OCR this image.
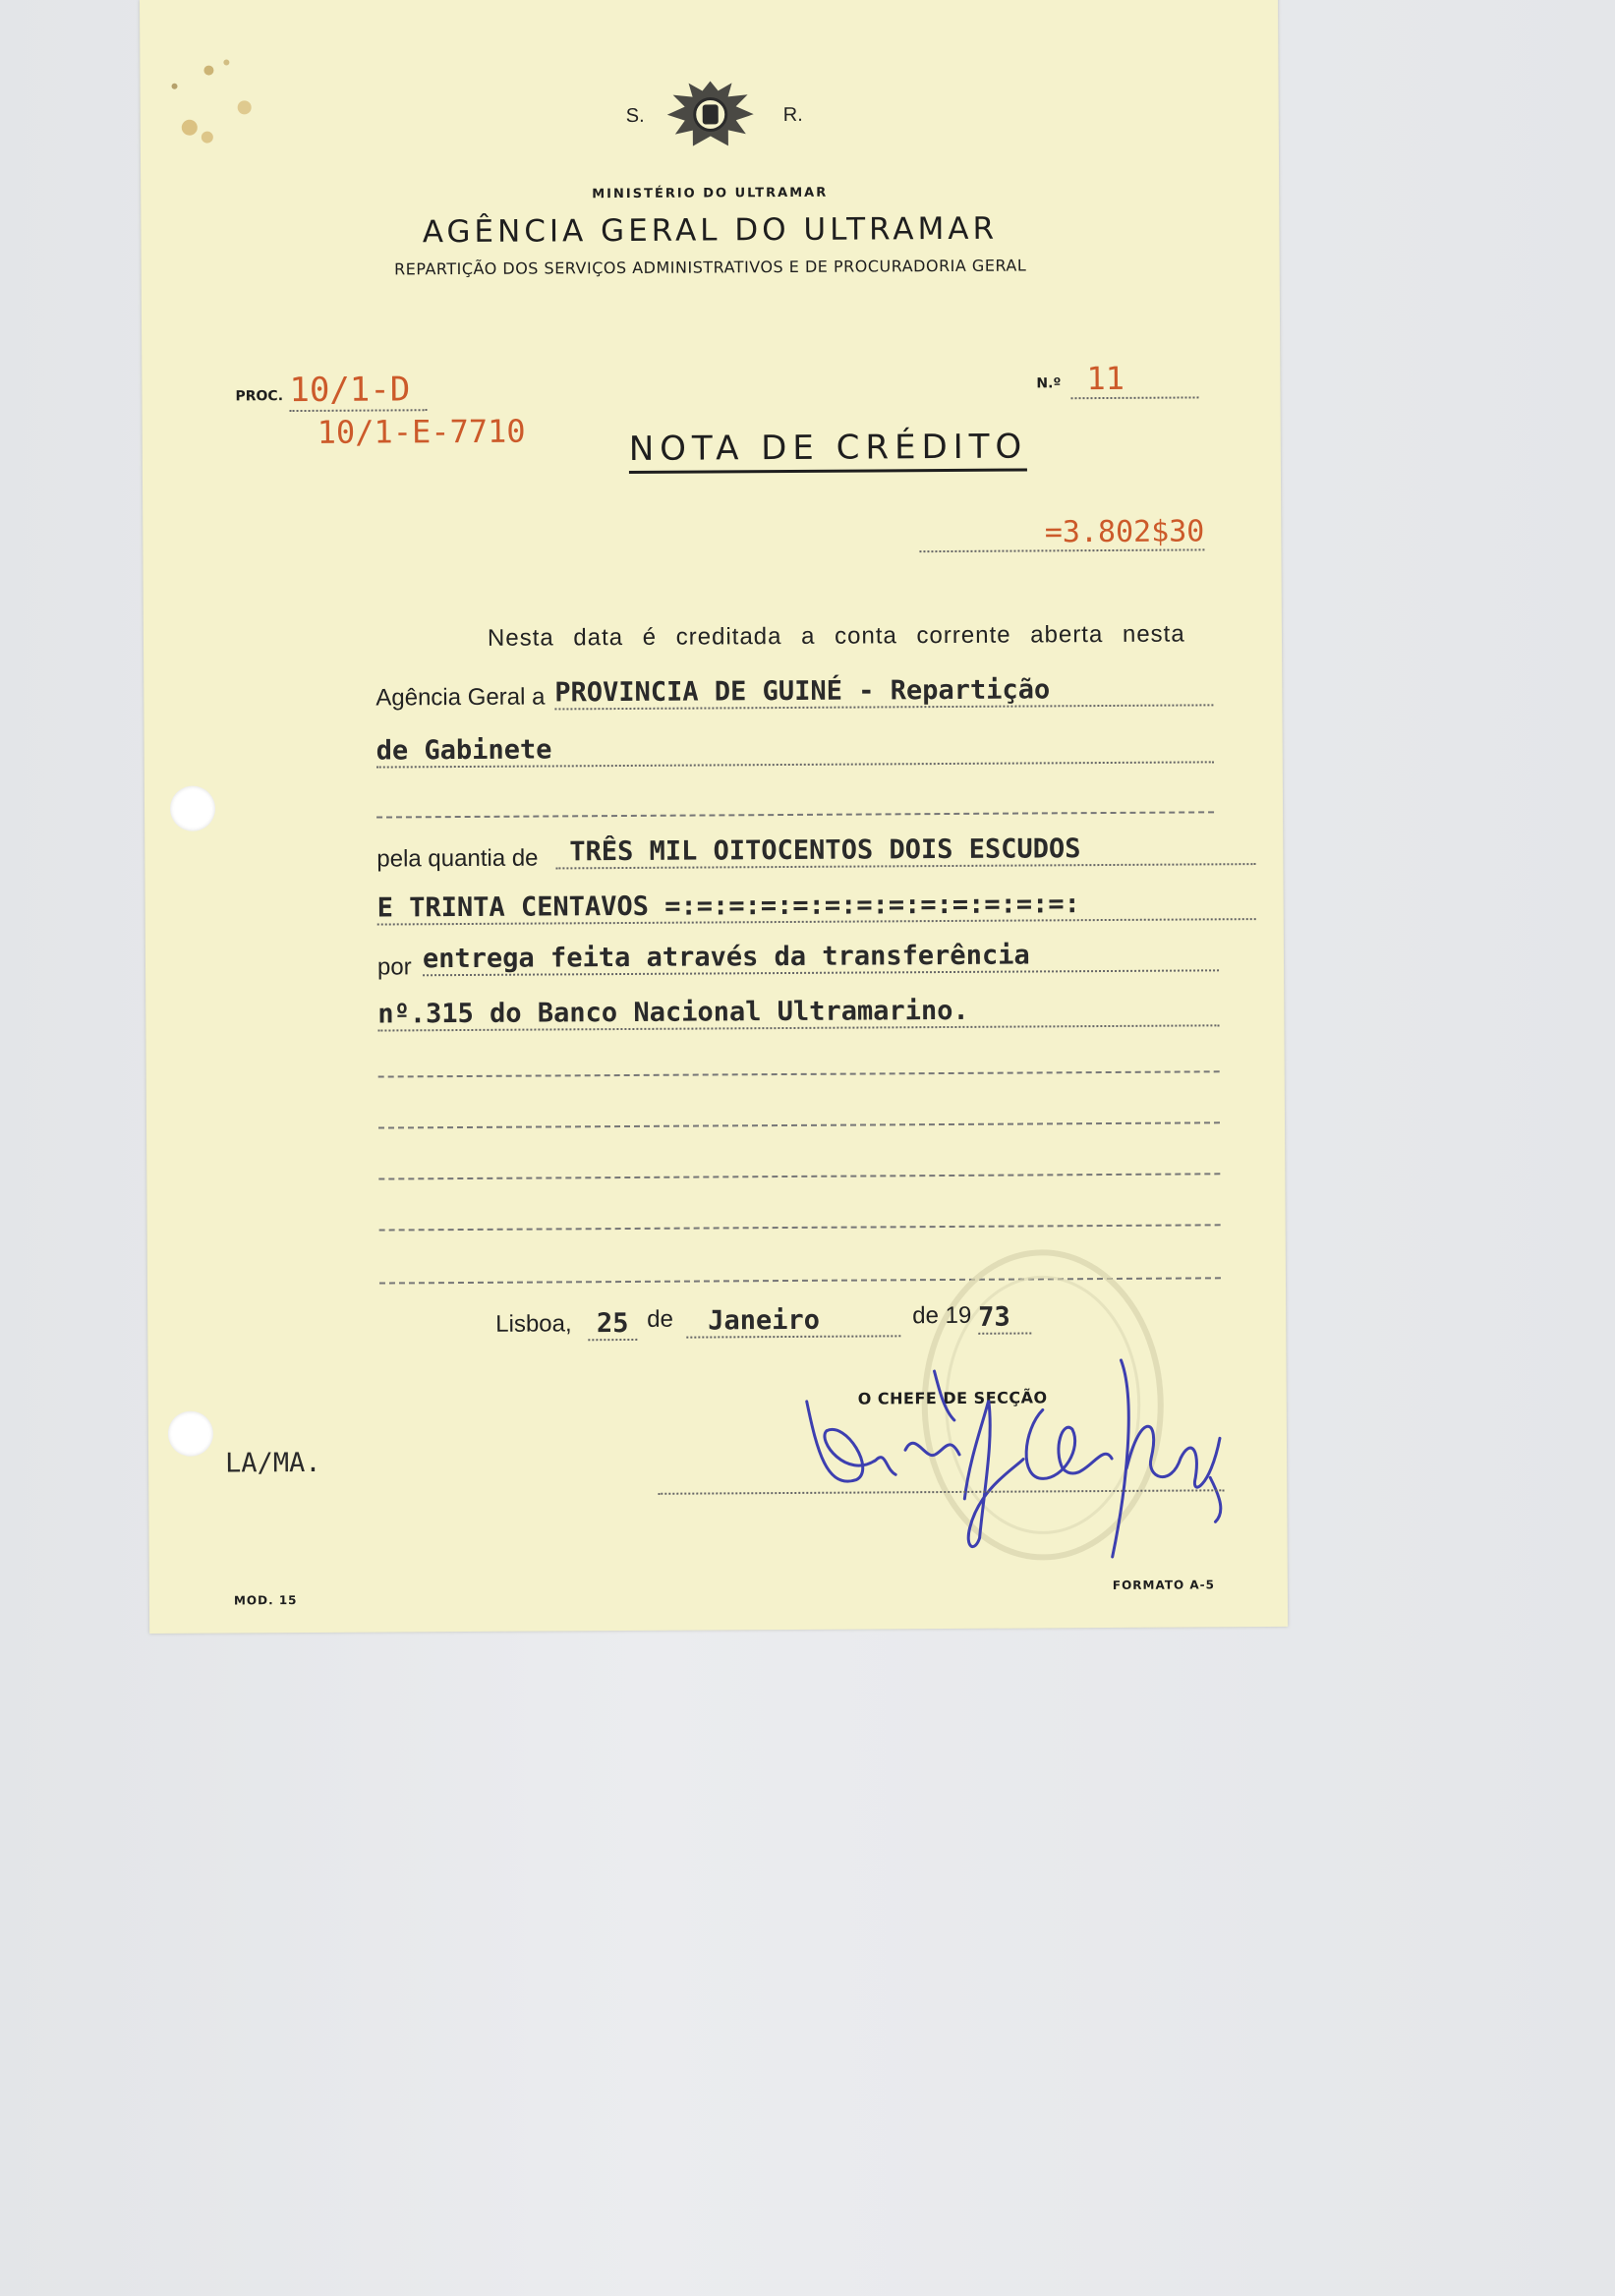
S.	R.
MINISTÉRIO DO ULTRAMAR
AGÊNCIA GERAL DO ULTRAMAR
REPARTIÇÃO DOS SERVIÇOS ADMINISTRATIVOS E DE PROCURADORIA GERAL
PROC. 10/1-D
10/1-E-7710
N.º 11
NOTA DE CRÉDITO
=3.802$30
Nesta data é creditada a conta corrente aberta nesta
Agência Geral a PROVINCIA DE GUINÉ - Repartição
de Gabinete
pela quantia de	TRÊS MIL OITOCENTOS DOIS ESCUDOS
E TRINTA CENTAVOS =:=:=:=:=:=:=:=:=:=:=:=:=:
por entrega feita através da transferência
nº.315 do Banco Nacional Ultramarino.
Lisboa, 25 de	Janeiro	de 19 73
O CHEFE DE SECÇÃO
LA/MA.
MOD. 15
FORMATO A-5
